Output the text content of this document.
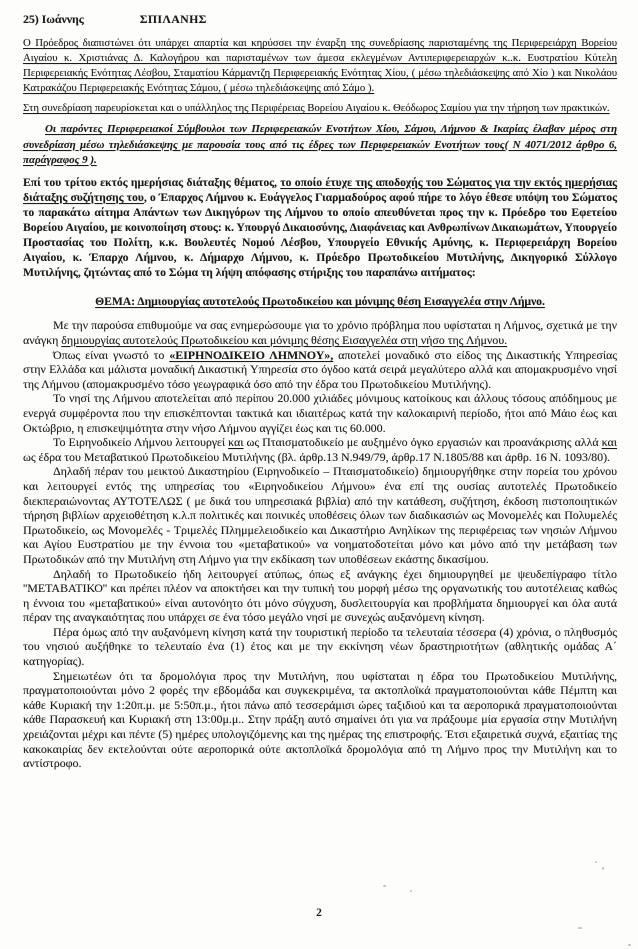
25) Ιωάννης	ΣΠΙΛΑΝΗΣ

Ο Πρόεδρος διαπιστώνει ότι υπάρχει απαρτία και κηρύσσει την έναρξη της συνεδρίασης παρισταμένης της Περιφερειάρχη Βορείου Αιγαίου κ. Χριστιάνας Δ. Καλογήρου και παρισταμένων των άμεσα εκλεγμένων Αντιπεριφερειαρχών κ..κ. Ευστρατίου Κύτελη Περιφερειακής Ενότητας Λέσβου, Σταματίου Κάρμαντζη Περιφερειακής Ενότητας Χίου, ( μέσω τηλεδιάσκεψης από Χίο ) και Νικολάου Κατρακάζου Περιφερειακής Ενότητας Σάμου, ( μέσω τηλεδιάσκεψης από Σάμο ).

Στη συνεδρίαση παρευρίσκεται και ο υπάλληλος της Περιφέρειας Βορείου Αιγαίου κ. Θεόδωρος Σαμίου για την τήρηση των πρακτικών.

Οι παρόντες Περιφερειακοί Σύμβουλοι των Περιφερειακών Ενοτήτων Χίου, Σάμου, Λήμνου & Ικαρίας έλαβαν μέρος στη συνεδρίαση μέσω τηλεδιάσκεψης με παρουσία τους από τις έδρες των Περιφερειακών Ενοτήτων τους( Ν 4071/2012 άρθρο 6, παράγραφος 9 ).

Επί του τρίτου εκτός ημερήσιας διάταξης θέματος, το οποίο έτυχε της αποδοχής του Σώματος για την εκτός ημερήσιας διάταξης συζήτησης του, ο Έπαρχος Λήμνου κ. Ευάγγελος Γιαρμαδούρος αφού πήρε το λόγο έθεσε υπόψη του Σώματος το παρακάτω αίτημα Απάντων των Δικηγόρων της Λήμνου το οποίο απευθύνεται προς την κ. Πρόεδρο του Εφετείου Βορείου Αιγαίου, με κοινοποίηση στους: κ. Υπουργό Δικαιοσύνης, Διαφάνειας και Ανθρωπίνων Δικαιωμάτων, Υπουργείο Προστασίας του Πολίτη, κ.κ. Βουλευτές Νομού Λέσβου, Υπουργείο Εθνικής Αμύνης, κ. Περιφερειάρχη Βορείου Αιγαίου, κ. Έπαρχο Λήμνου, κ. Δήμαρχο Λήμνου, κ. Πρόεδρο Πρωτοδικείου Μυτιλήνης, Δικηγορικό Σύλλογο Μυτιλήνης, ζητώντας από το Σώμα τη λήψη απόφασης στήριξης του παραπάνω αιτήματος:

ΘΕΜΑ: Δημιουργίας αυτοτελούς Πρωτοδικείου και μόνιμης θέση Εισαγγελέα στην Λήμνο.

Με την παρούσα επιθυμούμε να σας ενημερώσουμε για το χρόνιο πρόβλημα που υφίσταται η Λήμνος, σχετικά με την ανάγκη δημιουργίας αυτοτελούς Πρωτοδικείου και μόνιμης θέσης Εισαγγελέα στη νήσο της Λήμνου.

Όπως είναι γνωστό το «ΕΙΡΗΝΟΔΙΚΕΙΟ ΛΗΜΝΟΥ», αποτελεί μοναδικό στο είδος της Δικαστικής Υπηρεσίας στην Ελλάδα και μάλιστα μοναδική Δικαστική Υπηρεσία στο όγδοο κατά σειρά μεγαλύτερο αλλά και απομακρυσμένο νησί της Λήμνου (απομακρυσμένο τόσο γεωγραφικά όσο από την έδρα του Πρωτοδικείου Μυτιλήνης).

Το νησί της Λήμνου αποτελείται από περίπου 20.000 χιλιάδες μόνιμους κατοίκους και άλλους τόσους απόδημους με ενεργά συμφέροντα που την επισκέπτονται τακτικά και ιδιαιτέρως κατά την καλοκαιρινή περίοδο, ήτοι από Μάιο έως και Οκτώβριο, η επισκεψιμότητα στην νήσο Λήμνου αγγίζει έως και τις 60.000.

Το Ειρηνοδικείο Λήμνου λειτουργεί και ως Πταισματοδικείο με αυξημένο όγκο εργασιών και προανάκρισης αλλά και ως έδρα του Μεταβατικού Πρωτοδικείου Μυτιλήνης (βλ. άρθρ.13 Ν.949/79, άρθρ.17 Ν.1805/88 και άρθρ. 16 Ν. 1093/80).

Δηλαδή πέραν του μεικτού Δικαστηρίου (Ειρηνοδικείο – Πταισματοδικείο) δημιουργήθηκε στην πορεία του χρόνου και λειτουργεί εντός της υπηρεσίας του «Ειρηνοδικείου Λήμνου» ένα επί της ουσίας αυτοτελές Πρωτοδικείο διεκπεραιώνοντας ΑΥΤΟΤΕΛΩΣ ( με δικά του υπηρεσιακά βιβλία) από την κατάθεση, συζήτηση, έκδοση πιστοποιητικών τήρηση βιβλίων αρχειοθέτηση κ.λ.π πολιτικές και ποινικές υποθέσεις όλων των διαδικασιών ως Μονομελές και Πολυμελές Πρωτοδικείο, ως Μονομελές - Τριμελές Πλημμελειοδικείο και Δικαστήριο Ανηλίκων της περιφέρειας των νησιών Λήμνου και Αγίου Ευστρατίου με την έννοια του «μεταβατικού» να νοηματοδοτείται μόνο και μόνο από την μετάβαση των Πρωτοδικών από την Μυτιλήνη στη Λήμνο για την εκδίκαση των υποθέσεων εκάστης δικασίμου.

Δηλαδή το Πρωτοδικείο ήδη λειτουργεί ατύπως, όπως εξ ανάγκης έχει δημιουργηθεί με ψευδεπίγραφο τίτλο ''ΜΕΤΑΒΑΤΙΚΟ'' και πρέπει πλέον να αποκτήσει και την τυπική του μορφή μέσω της οργανωτικής του αυτοτέλειας καθώς η έννοια του «μεταβατικού» είναι αυτονόητο ότι μόνο σύγχυση, δυσλειτουργία και προβλήματα δημιουργεί και όλα αυτά πέραν της αναγκαιότητας που υπάρχει σε ένα τόσο μεγάλο νησί με συνεχώς αυξανόμενη κίνηση.

Πέρα όμως από την αυξανόμενη κίνηση κατά την τουριστική περίοδο τα τελευταία τέσσερα (4) χρόνια, ο πληθυσμός του νησιού αυξήθηκε το τελευταίο ένα (1) έτος και με την εκκίνηση νέων δραστηριοτήτων (αθλητικής ομάδας Α΄ κατηγορίας).

Σημειωτέων ότι τα δρομολόγια προς την Μυτιλήνη, που υφίσταται η έδρα του Πρωτοδικείου Μυτιλήνης, πραγματοποιούνται μόνο 2 φορές την εβδομάδα και συγκεκριμένα, τα ακτοπλοϊκά πραγματοποιούνται κάθε Πέμπτη και κάθε Κυριακή την 1:20π.μ. με 5:50π.μ., ήτοι πάνω από τεσσεράμισι ώρες ταξιδιού και τα αεροπορικά πραγματοποιούνται κάθε Παρασκευή και Κυριακή στη 13:00μ.μ.. Στην πράξη αυτό σημαίνει ότι για να πράξουμε μία εργασία στην Μυτιλήνη χρειάζονται μέχρι και πέντε (5) ημέρες υπολογιζόμενης και της ημέρας της επιστροφής. Έτσι εξαιρετικά συχνά, εξαιτίας της κακοκαιρίας δεν εκτελούνται ούτε αεροπορικά ούτε ακτοπλοϊκά δρομολόγια από τη Λήμνο προς την Μυτιλήνη και το αντίστροφο.

2
